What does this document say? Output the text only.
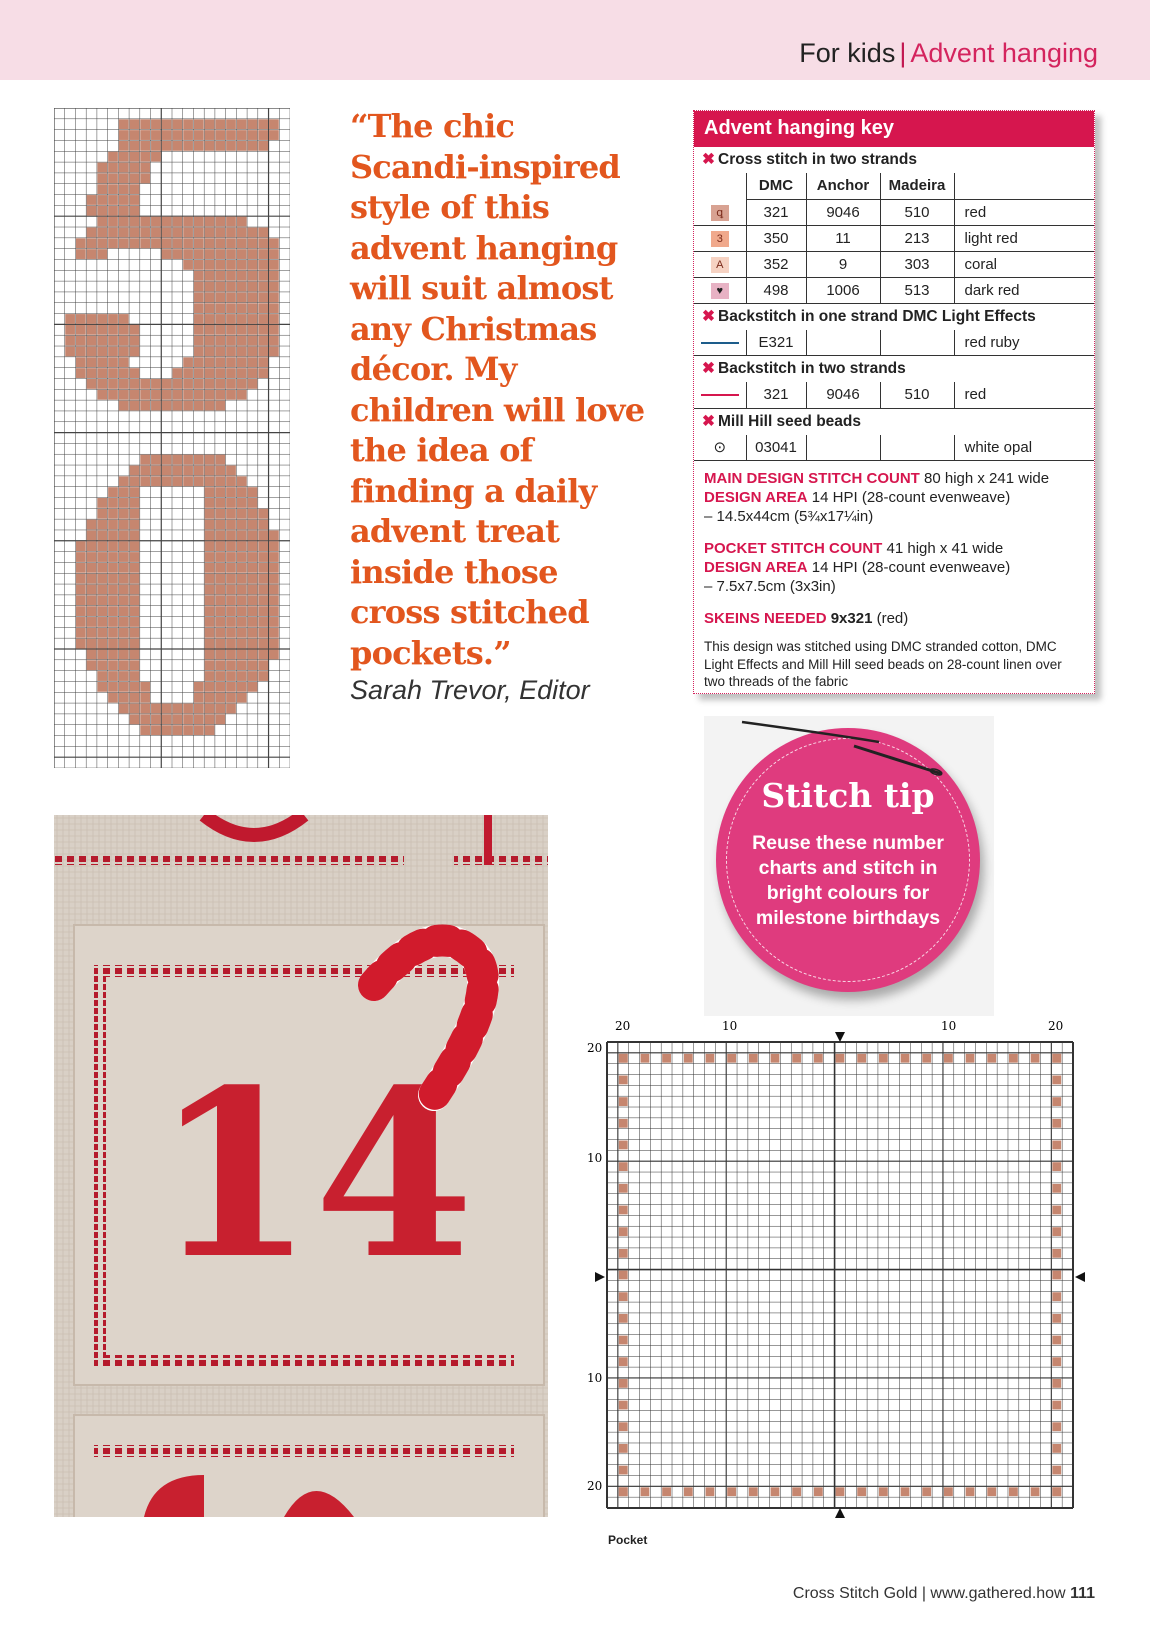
For kids | Advent hanging
“The chic Scandi-inspired style of this advent hanging will suit almost any Christmas décor. My children will love the idea of finding a daily advent treat inside those cross stitched pockets.”
Sarah Trevor, Editor
Advent hanging key
✖ Cross stitch in two strands
	DMC	Anchor	Madeira	
ꝗ	321	9046	510	red
3	350	11	213	light red
A	352	9	303	coral
♥	498	1006	513	dark red
✖ Backstitch in one strand DMC Light Effects
	E321			red ruby
✖ Backstitch in two strands
	321	9046	510	red
✖ Mill Hill seed beads
⊙	03041			white opal

MAIN DESIGN STITCH COUNT 80 high x 241 wide

DESIGN AREA 14 HPI (28-count evenweave)

– 14.5x44cm (5¾x17¼in)

POCKET STITCH COUNT 41 high x 41 wide

DESIGN AREA 14 HPI (28-count evenweave)

– 7.5x7.5cm (3x3in)

SKEINS NEEDED 9x321 (red)

This design was stitched using DMC stranded cotton, DMC Light Effects and Mill Hill seed beads on 28-count linen over two threads of the fabric

Stitch tip
Reuse these number charts and stitch in bright colours for milestone birthdays
14
20	10	10	20
20
10
10
20
Pocket
Cross Stitch Gold | www.gathered.how 111
